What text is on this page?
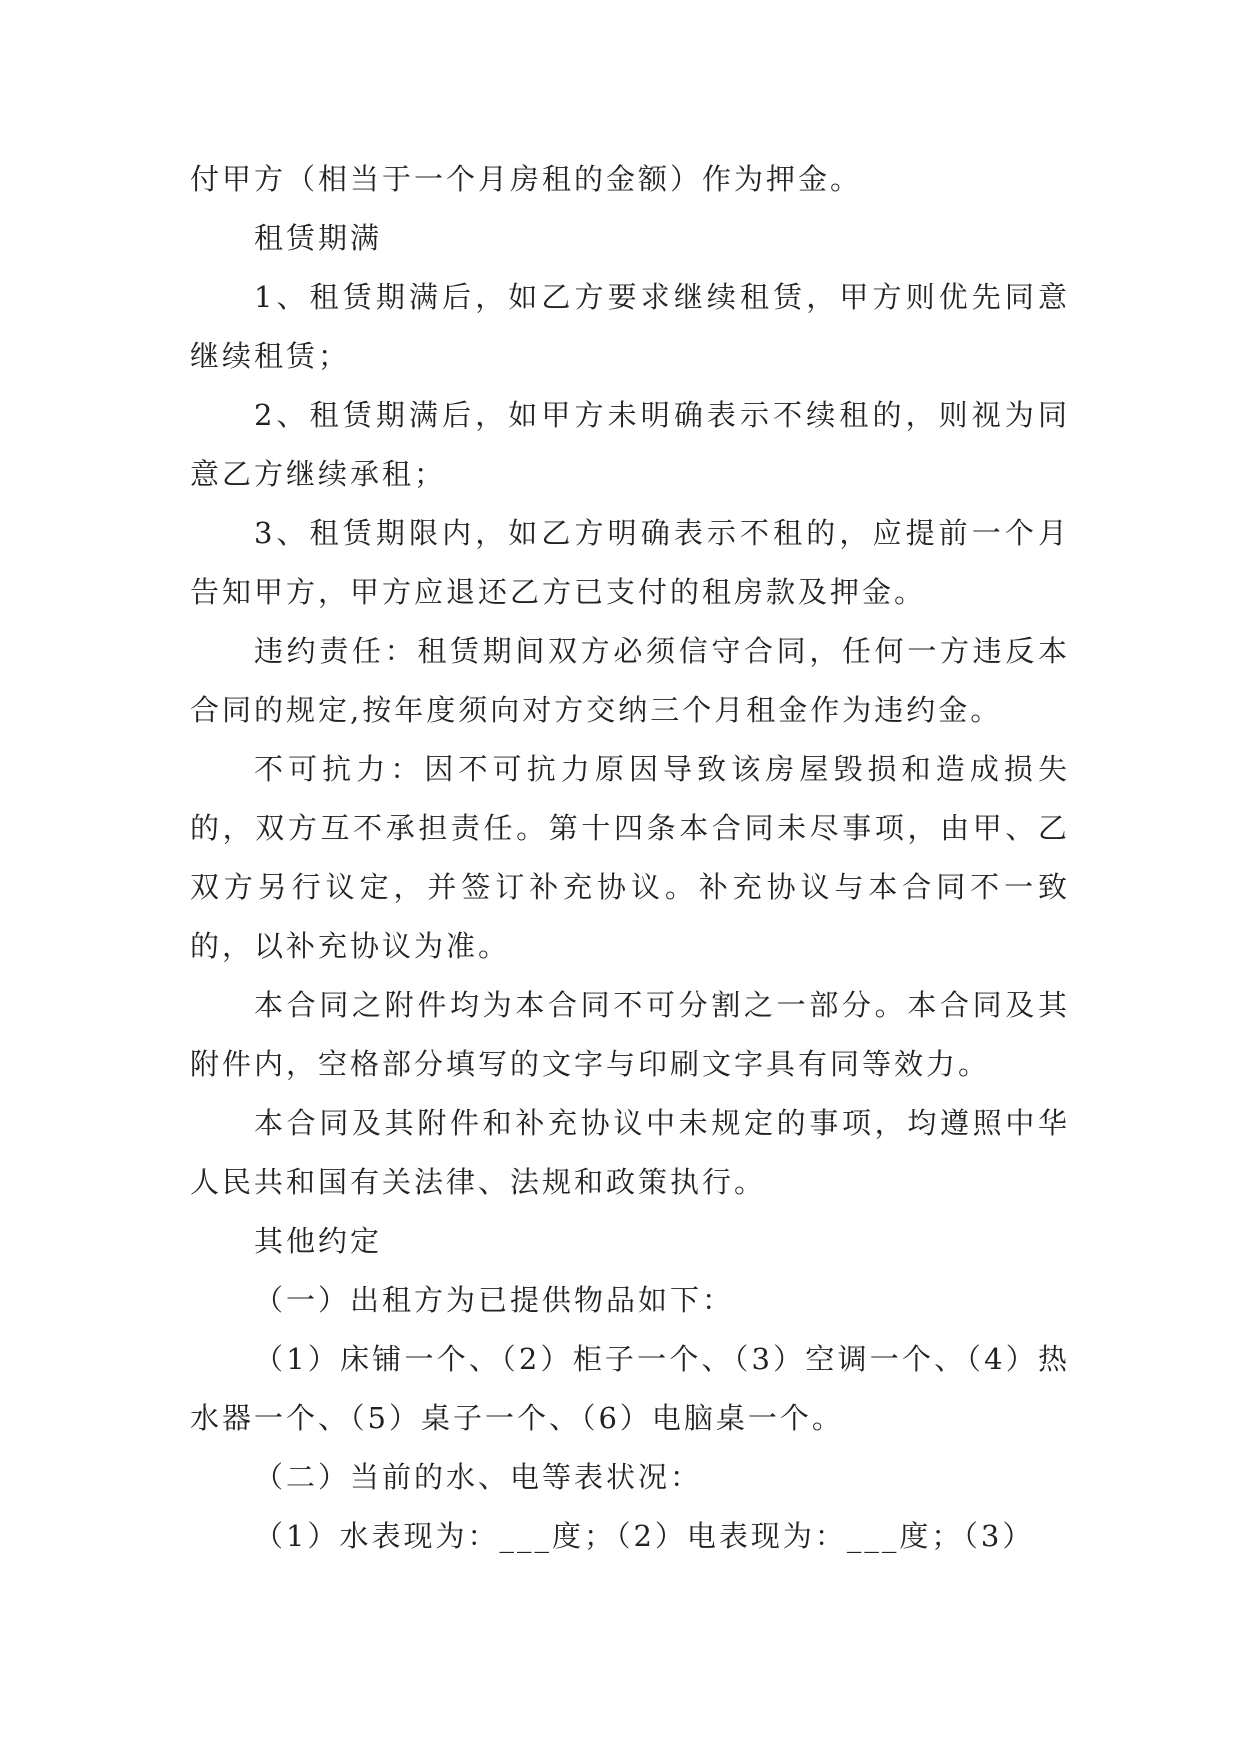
付甲方（相当于一个月房租的金额）作为押金。

租赁期满

1、租赁期满后，如乙方要求继续租赁，甲方则优先同意继续租赁；

2、租赁期满后，如甲方未明确表示不续租的，则视为同意乙方继续承租；

3、租赁期限内，如乙方明确表示不租的，应提前一个月告知甲方，甲方应退还乙方已支付的租房款及押金。

违约责任：租赁期间双方必须信守合同，任何一方违反本合同的规定,按年度须向对方交纳三个月租金作为违约金。

不可抗力：因不可抗力原因导致该房屋毁损和造成损失的，双方互不承担责任。第十四条本合同未尽事项，由甲、乙双方另行议定，并签订补充协议。补充协议与本合同不一致的，以补充协议为准。

本合同之附件均为本合同不可分割之一部分。本合同及其附件内，空格部分填写的文字与印刷文字具有同等效力。

本合同及其附件和补充协议中未规定的事项，均遵照中华人民共和国有关法律、法规和政策执行。

其他约定

（一）出租方为已提供物品如下：

（1）床铺一个、（2）柜子一个、（3）空调一个、（4）热水器一个、（5）桌子一个、（6）电脑桌一个。

（二）当前的水、电等表状况：

（1）水表现为：___度；（2）电表现为：___度；（3）
